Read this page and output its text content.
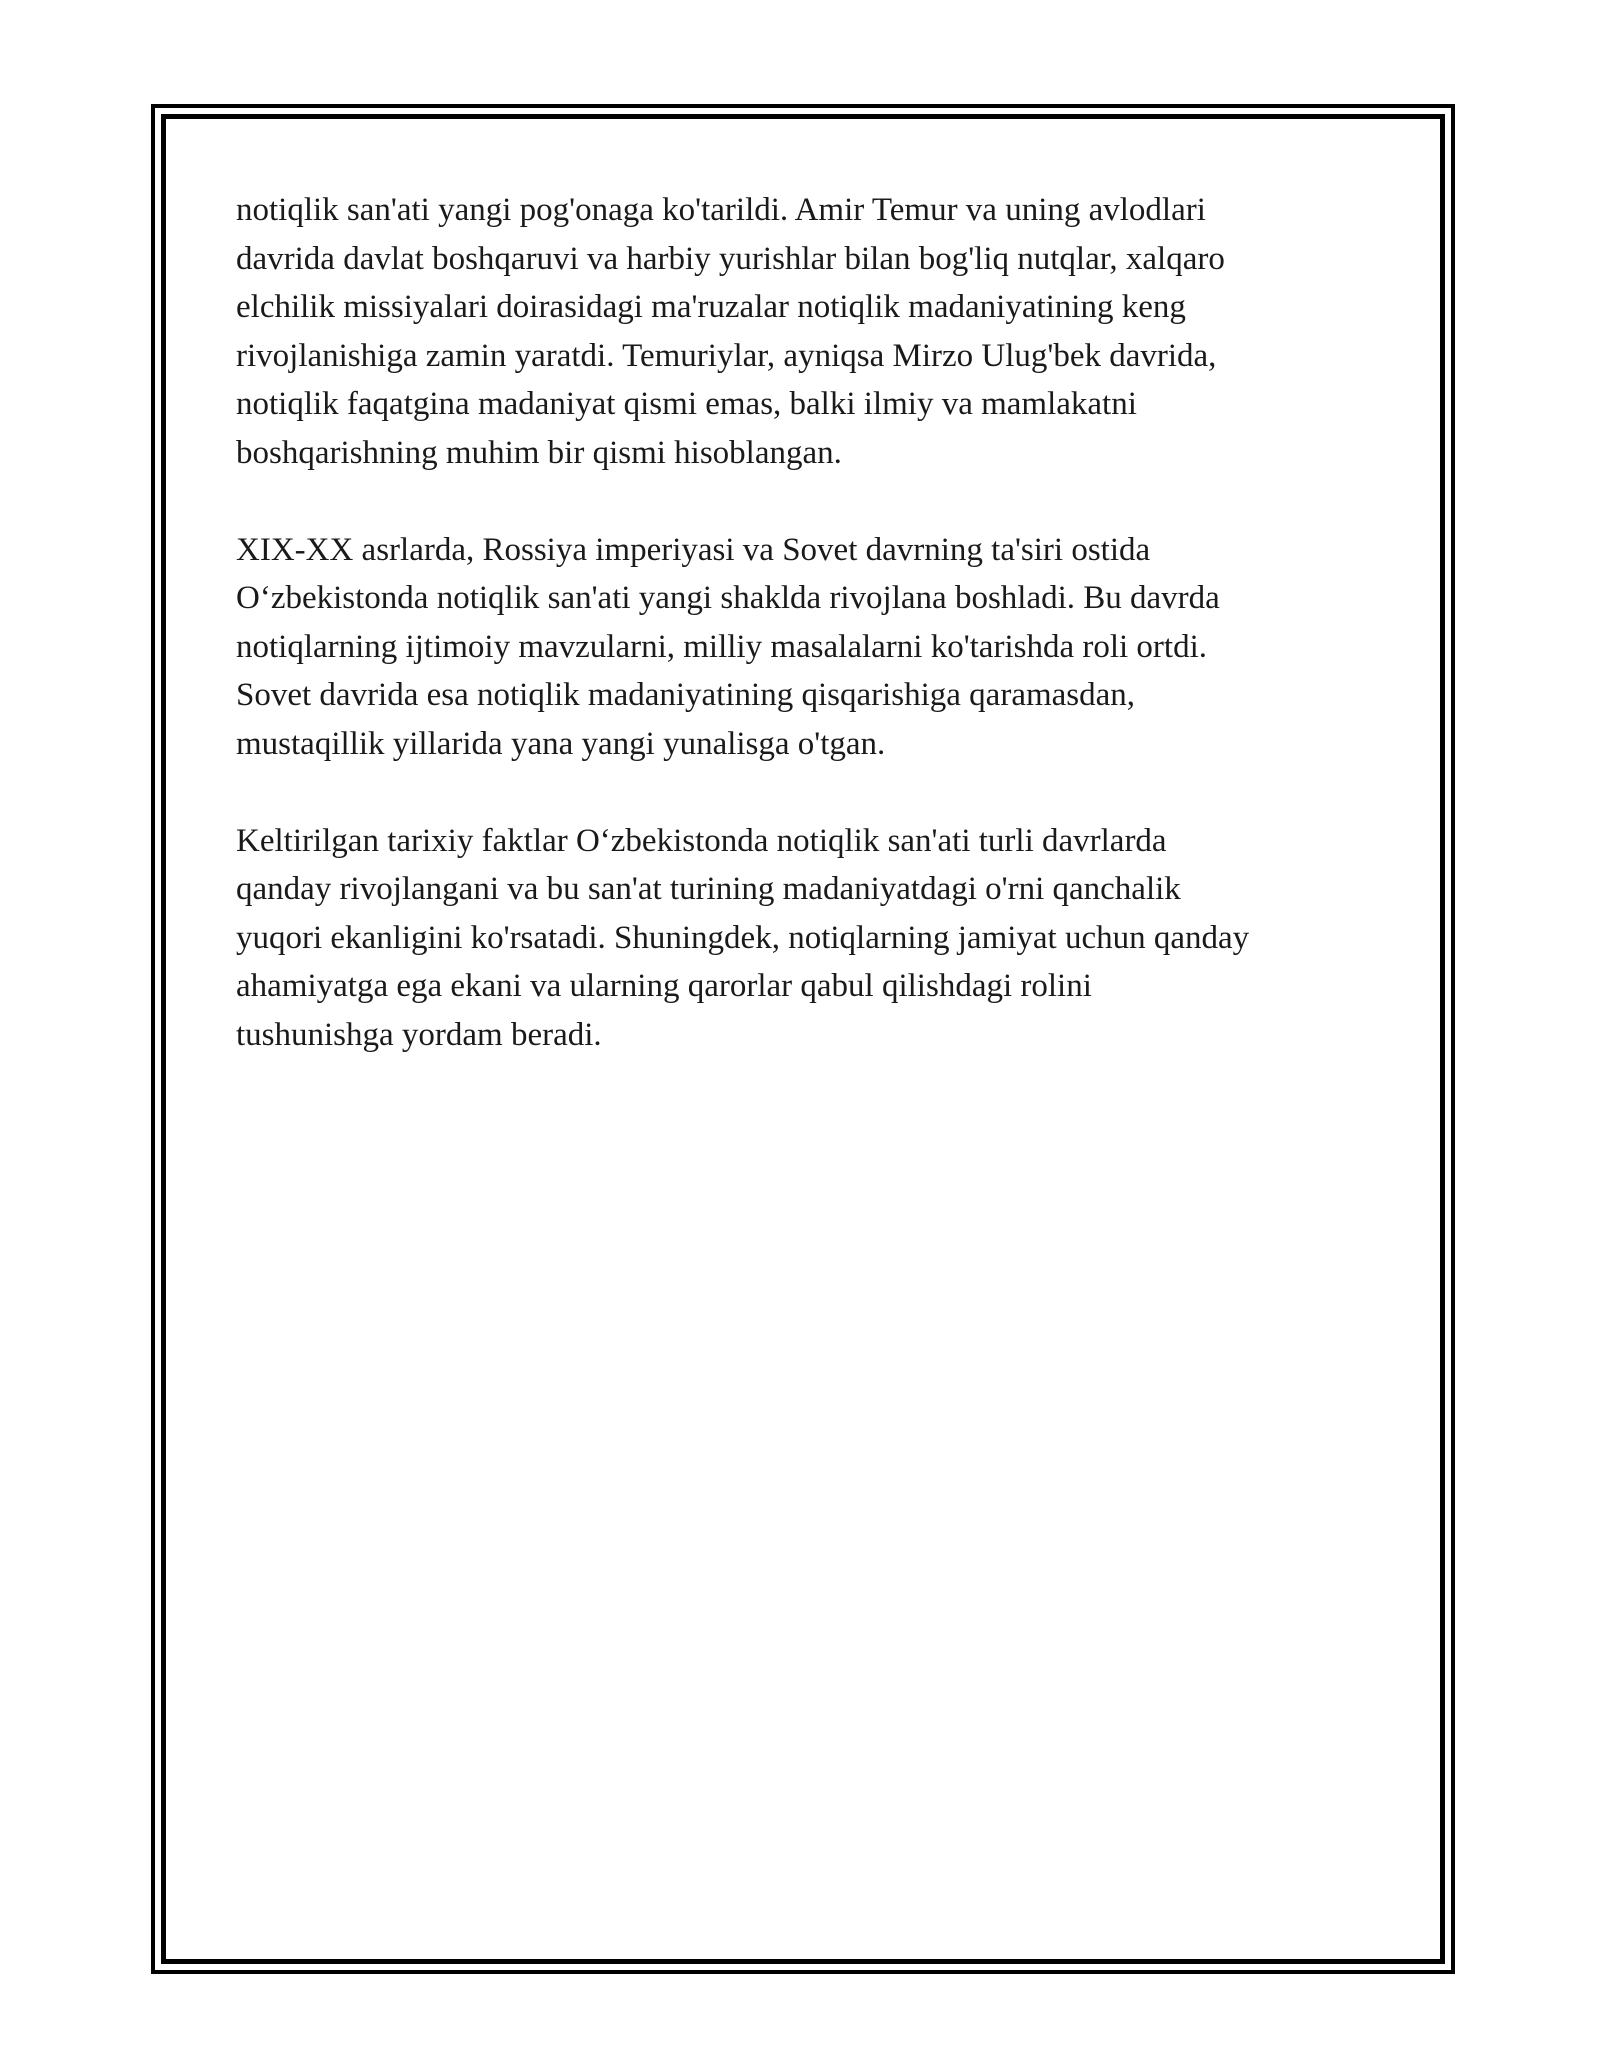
notiqlik san'ati yangi pog'onaga ko'tarildi. Amir Temur va uning avlodlari
davrida davlat boshqaruvi va harbiy yurishlar bilan bog'liq nutqlar, xalqaro
elchilik missiyalari doirasidagi ma'ruzalar notiqlik madaniyatining keng
rivojlanishiga zamin yaratdi. Temuriylar, ayniqsa Mirzo Ulug'bek davrida,
notiqlik faqatgina madaniyat qismi emas, balki ilmiy va mamlakatni
boshqarishning muhim bir qismi hisoblangan.

XIX-XX asrlarda, Rossiya imperiyasi va Sovet davrning ta'siri ostida
O‘zbekistonda notiqlik san'ati yangi shaklda rivojlana boshladi. Bu davrda
notiqlarning ijtimoiy mavzularni, milliy masalalarni ko'tarishda roli ortdi.
Sovet davrida esa notiqlik madaniyatining qisqarishiga qaramasdan,
mustaqillik yillarida yana yangi yunalisga o'tgan.

Keltirilgan tarixiy faktlar O‘zbekistonda notiqlik san'ati turli davrlarda
qanday rivojlangani va bu san'at turining madaniyatdagi o'rni qanchalik
yuqori ekanligini ko'rsatadi. Shuningdek, notiqlarning jamiyat uchun qanday
ahamiyatga ega ekani va ularning qarorlar qabul qilishdagi rolini
tushunishga yordam beradi.
